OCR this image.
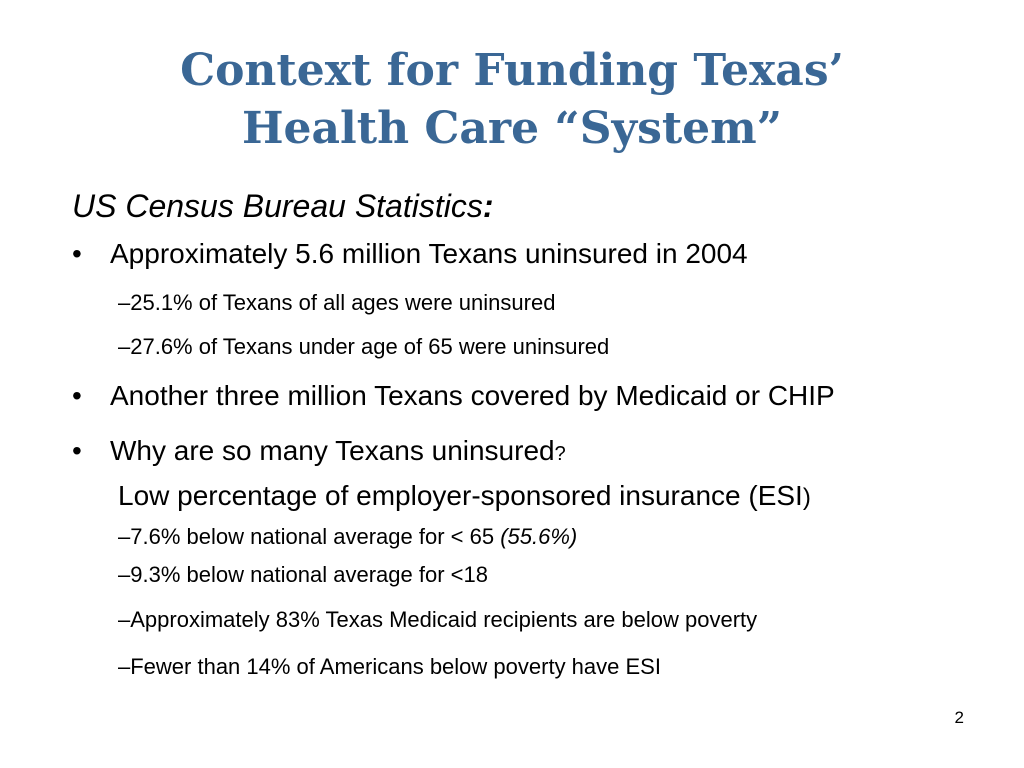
Context for Funding Texas’
Health Care “System”
US Census Bureau Statistics:
• Approximately 5.6 million Texans uninsured in 2004
–25.1% of Texans of all ages were uninsured
–27.6% of Texans under age of 65 were uninsured
• Another three million Texans covered by Medicaid or CHIP
• Why are so many Texans uninsured?
Low percentage of employer-sponsored insurance (ESI)
–7.6% below national average for < 65 (55.6%)
–9.3% below national average for <18
–Approximately 83% Texas Medicaid recipients are below poverty
–Fewer than 14% of Americans below poverty have ESI
2
